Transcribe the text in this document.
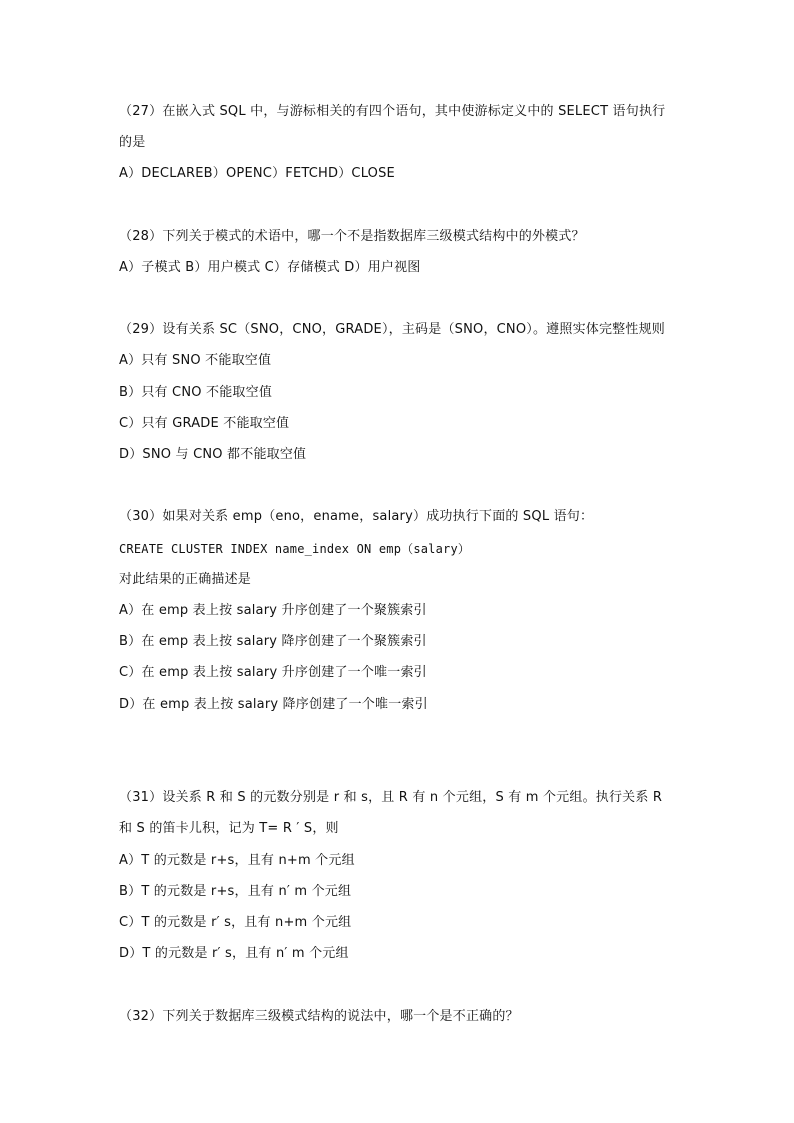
（27）在嵌入式 SQL 中，与游标相关的有四个语句，其中使游标定义中的 SELECT 语句执行
的是
A）DECLAREB）OPENC）FETCHD）CLOSE
（28）下列关于模式的术语中，哪一个不是指数据库三级模式结构中的外模式？
A）子模式 B）用户模式 C）存储模式 D）用户视图
（29）设有关系 SC（SNO，CNO，GRADE），主码是（SNO，CNO）。遵照实体完整性规则
A）只有 SNO 不能取空值
B）只有 CNO 不能取空值
C）只有 GRADE 不能取空值
D）SNO 与 CNO 都不能取空值
（30）如果对关系 emp（eno，ename，salary）成功执行下面的 SQL 语句：
CREATE CLUSTER INDEX name_index ON emp（salary）
对此结果的正确描述是
A）在 emp 表上按 salary 升序创建了一个聚簇索引
B）在 emp 表上按 salary 降序创建了一个聚簇索引
C）在 emp 表上按 salary 升序创建了一个唯一索引
D）在 emp 表上按 salary 降序创建了一个唯一索引
（31）设关系 R 和 S 的元数分别是 r 和 s，且 R 有 n 个元组，S 有 m 个元组。执行关系 R
和 S 的笛卡儿积，记为 T= R ′ S，则
A）T 的元数是 r+s，且有 n+m 个元组
B）T 的元数是 r+s，且有 n′ m 个元组
C）T 的元数是 r′ s，且有 n+m 个元组
D）T 的元数是 r′ s，且有 n′ m 个元组
（32）下列关于数据库三级模式结构的说法中，哪一个是不正确的？
